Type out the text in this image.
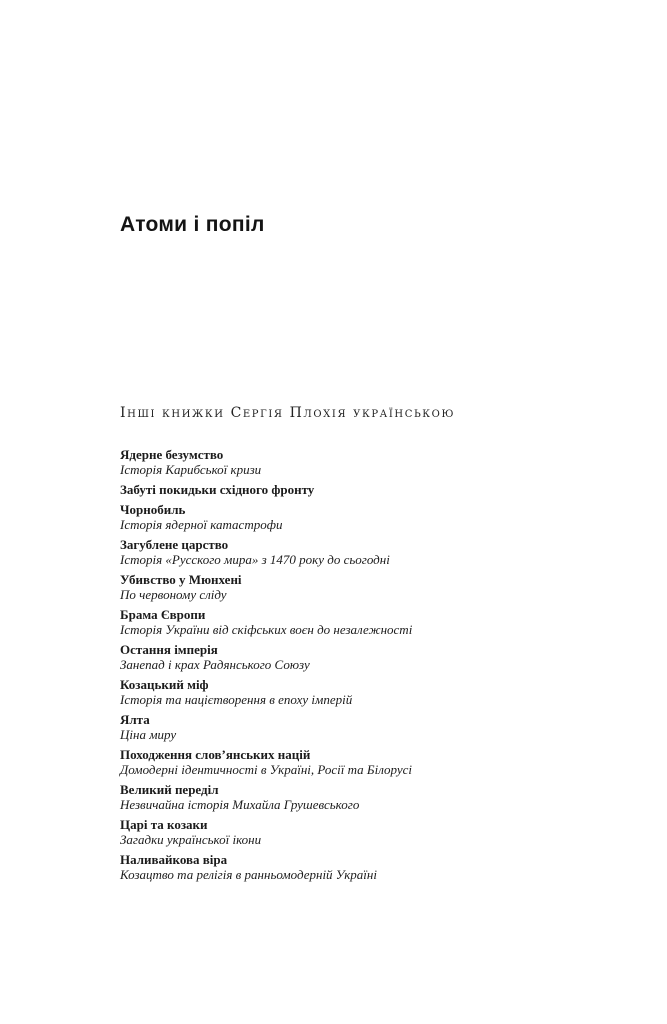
Атоми і попіл
Інші книжки Сергія Плохія українською
Ядерне безумство
Історія Карибської кризи
Забуті покидьки східного фронту
Чорнобиль
Історія ядерної катастрофи
Загублене царство
Історія «Русского мира» з 1470 року до сьогодні
Убивство у Мюнхені
По червоному сліду
Брама Європи
Історія України від скіфських воєн до незалежності
Остання імперія
Занепад і крах Радянського Союзу
Козацький міф
Історія та націєтворення в епоху імперій
Ялта
Ціна миру
Походження слов’янських націй
Домодерні ідентичності в Україні, Росії та Білорусі
Великий переділ
Незвичайна історія Михайла Грушевського
Царі та козаки
Загадки української ікони
Наливайкова віра
Козацтво та релігія в ранньомодерній Україні
